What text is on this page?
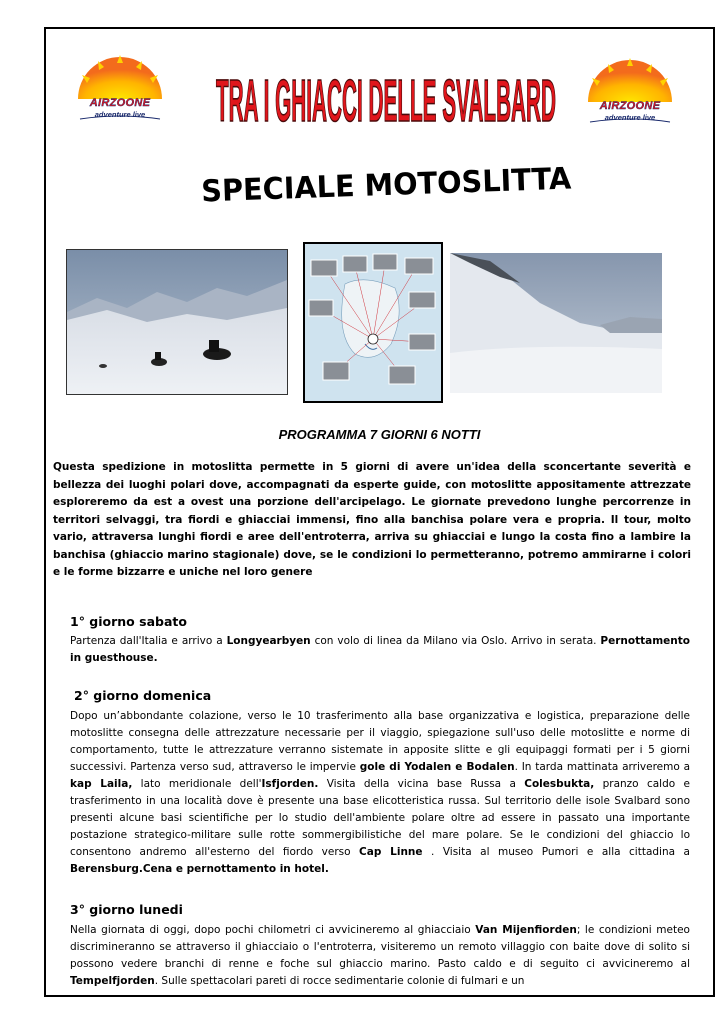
AIRZOONE
adventure live	TRA I GHIACCI DELLE SVALBARD	AIRZOONE
adventure live
SPECIALE MOTOSLITTA
PROGRAMMA 7 GIORNI 6 NOTTI
Questa spedizione in motoslitta permette in 5 giorni di avere un'idea della sconcertante severità e bellezza dei luoghi polari dove, accompagnati da esperte guide, con motoslitte appositamente attrezzate esploreremo da est a ovest una porzione dell'arcipelago. Le giornate prevedono lunghe percorrenze in territori selvaggi, tra fiordi e ghiacciai immensi, fino alla banchisa polare vera e propria. Il tour, molto vario, attraversa lunghi fiordi e aree dell'entroterra, arriva su ghiacciai e lungo la costa fino a lambire la banchisa (ghiaccio marino stagionale) dove, se le condizioni lo permetteranno, potremo ammirarne i colori e le forme bizzarre e uniche nel loro genere
1° giorno sabato
Partenza dall'Italia e arrivo a Longyearbyen con volo di linea da Milano via Oslo. Arrivo in serata. Pernottamento in guesthouse.
2° giorno domenica
Dopo un’abbondante colazione, verso le 10 trasferimento alla base organizzativa e logistica, preparazione delle motoslitte consegna delle attrezzature necessarie per il viaggio, spiegazione sull'uso delle motoslitte e norme di comportamento, tutte le attrezzature verranno sistemate in apposite slitte e gli equipaggi formati per i 5 giorni successivi. Partenza verso sud, attraverso le impervie gole di Yodalen e Bodalen. In tarda mattinata arriveremo a kap Laila, lato meridionale dell'Isfjorden. Visita della vicina base Russa a Colesbukta, pranzo caldo e trasferimento in una località dove è presente una base elicotteristica russa. Sul territorio delle isole Svalbard sono presenti alcune basi scientifiche per lo studio dell'ambiente polare oltre ad essere in passato una importante postazione strategico-militare sulle rotte sommergibilistiche del mare polare. Se le condizioni del ghiaccio lo consentono andremo all'esterno del fiordo verso Cap Linne . Visita al museo Pumori e alla cittadina a Berensburg.Cena e pernottamento in hotel.
3° giorno lunedi
Nella giornata di oggi, dopo pochi chilometri ci avvicineremo al ghiacciaio Van Mijenfiorden; le condizioni meteo discrimineranno se attraverso il ghiacciaio o l'entroterra, visiteremo un remoto villaggio con baite dove di solito si possono vedere branchi di renne e foche sul ghiaccio marino. Pasto caldo e di seguito ci avvicineremo al Tempelfjorden. Sulle spettacolari pareti di rocce sedimentarie colonie di fulmari e un
